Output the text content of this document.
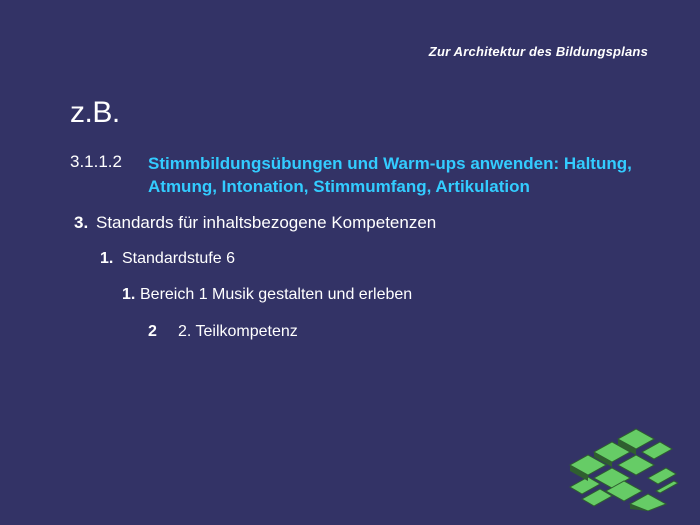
Zur Architektur des Bildungsplans
z.B.
3.1.1.2	Stimmbildungsübungen und Warm-ups anwenden: Haltung, Atmung, Intonation, Stimmumfang, Artikulation
3. Standards für inhaltsbezogene Kompetenzen
1. Standardstufe 6
1. Bereich 1 Musik gestalten und erleben
2	2. Teilkompetenz
